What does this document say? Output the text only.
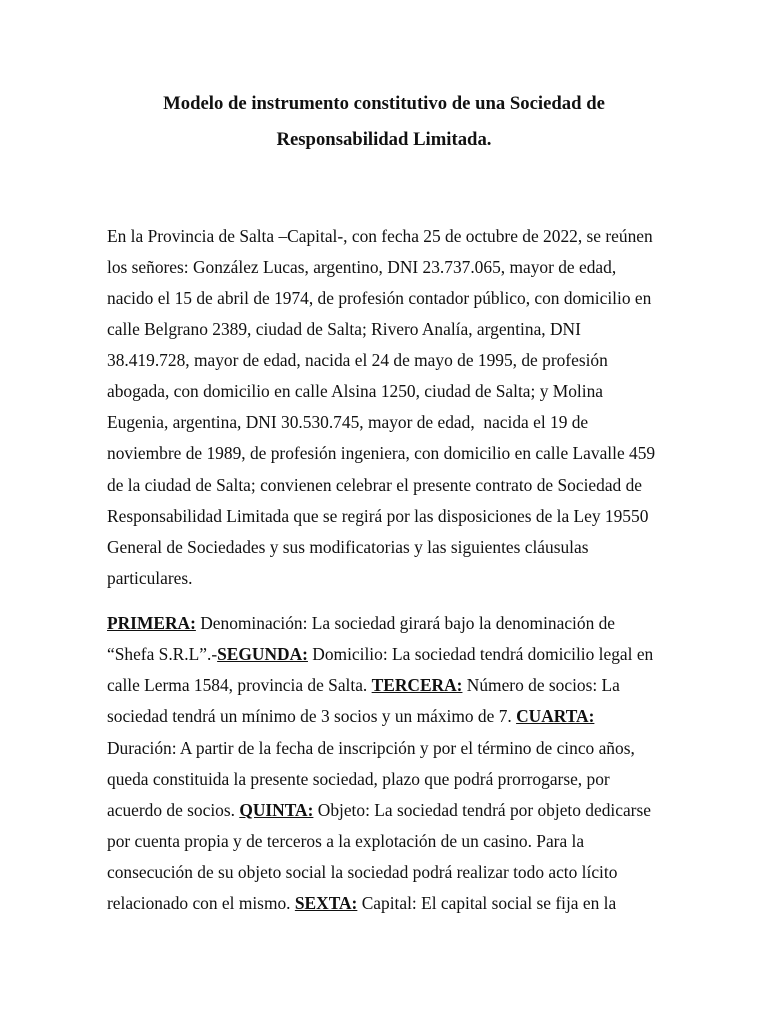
Modelo de instrumento constitutivo de una Sociedad de
Responsabilidad Limitada.
En la Provincia de Salta –Capital-, con fecha 25 de octubre de 2022, se reúnen
los señores: González Lucas, argentino, DNI 23.737.065, mayor de edad,
nacido el 15 de abril de 1974, de profesión contador público, con domicilio en
calle Belgrano 2389, ciudad de Salta; Rivero Analía, argentina, DNI
38.419.728, mayor de edad, nacida el 24 de mayo de 1995, de profesión
abogada, con domicilio en calle Alsina 1250, ciudad de Salta; y Molina
Eugenia, argentina, DNI 30.530.745, mayor de edad,  nacida el 19 de
noviembre de 1989, de profesión ingeniera, con domicilio en calle Lavalle 459
de la ciudad de Salta; convienen celebrar el presente contrato de Sociedad de
Responsabilidad Limitada que se regirá por las disposiciones de la Ley 19550
General de Sociedades y sus modificatorias y las siguientes cláusulas
particulares.
PRIMERA: Denominación: La sociedad girará bajo la denominación de
“Shefa S.R.L”.-SEGUNDA: Domicilio: La sociedad tendrá domicilio legal en
calle Lerma 1584, provincia de Salta. TERCERA: Número de socios: La
sociedad tendrá un mínimo de 3 socios y un máximo de 7. CUARTA:
Duración: A partir de la fecha de inscripción y por el término de cinco años,
queda constituida la presente sociedad, plazo que podrá prorrogarse, por
acuerdo de socios. QUINTA: Objeto: La sociedad tendrá por objeto dedicarse
por cuenta propia y de terceros a la explotación de un casino. Para la
consecución de su objeto social la sociedad podrá realizar todo acto lícito
relacionado con el mismo. SEXTA: Capital: El capital social se fija en la
